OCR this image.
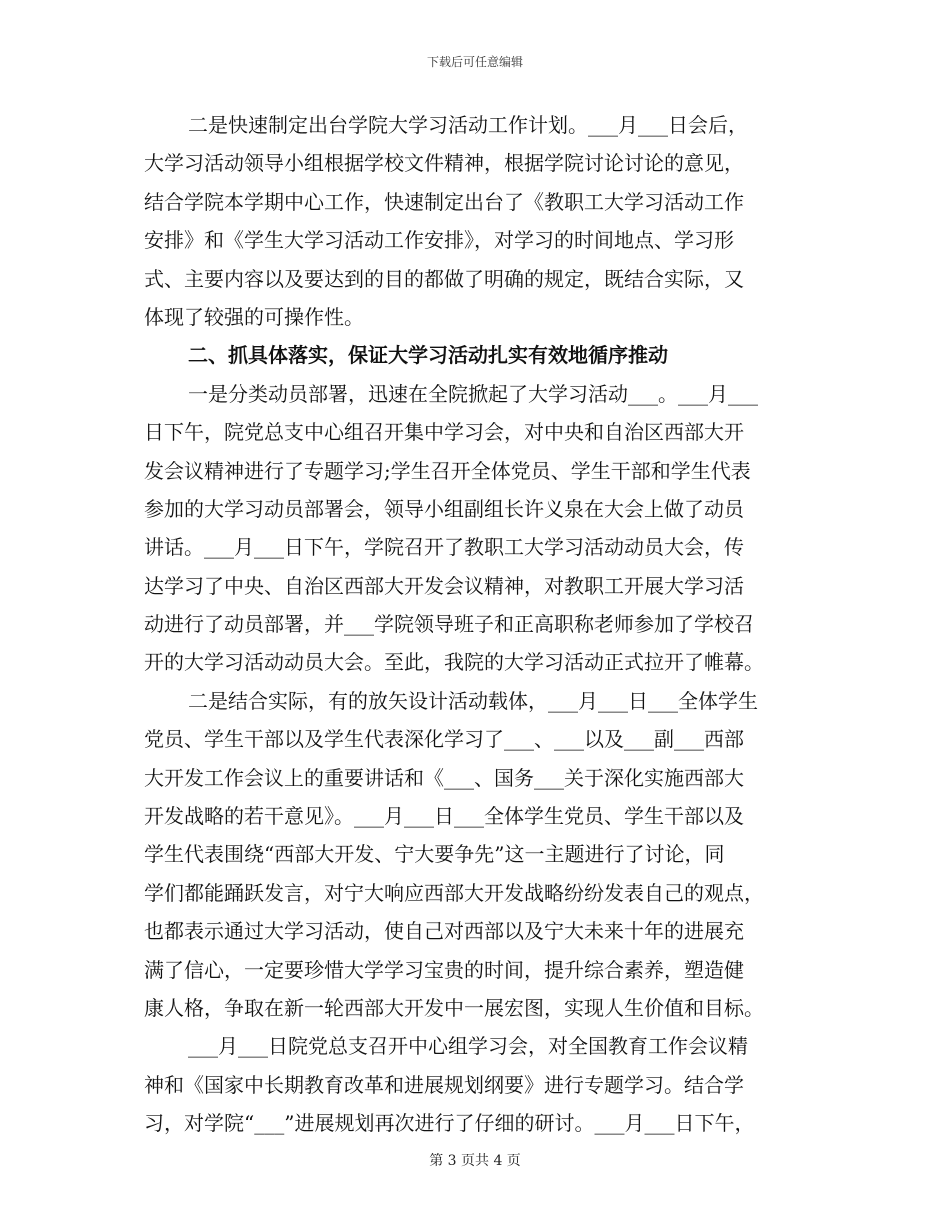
下载后可任意编辑
二是快速制定出台学院大学习活动工作计划。___月___日会后，
大学习活动领导小组根据学校文件精神，根据学院讨论讨论的意见，
结合学院本学期中心工作，快速制定出台了《教职工大学习活动工作
安排》和《学生大学习活动工作安排》，对学习的时间地点、学习形
式、主要内容以及要达到的目的都做了明确的规定，既结合实际，又
体现了较强的可操作性。
二、抓具体落实，保证大学习活动扎实有效地循序推动
一是分类动员部署，迅速在全院掀起了大学习活动___。___月___
日下午，院党总支中心组召开集中学习会，对中央和自治区西部大开
发会议精神进行了专题学习;学生召开全体党员、学生干部和学生代表
参加的大学习动员部署会，领导小组副组长许义泉在大会上做了动员
讲话。___月___日下午，学院召开了教职工大学习活动动员大会，传
达学习了中央、自治区西部大开发会议精神，对教职工开展大学习活
动进行了动员部署，并___学院领导班子和正高职称老师参加了学校召
开的大学习活动动员大会。至此，我院的大学习活动正式拉开了帷幕。
二是结合实际，有的放矢设计活动载体，___月___日___全体学生
党员、学生干部以及学生代表深化学习了___、___以及___副___西部
大开发工作会议上的重要讲话和《___、国务___关于深化实施西部大
开发战略的若干意见》。___月___日___全体学生党员、学生干部以及
学生代表围绕“西部大开发、宁大要争先”这一主题进行了讨论，同
学们都能踊跃发言，对宁大响应西部大开发战略纷纷发表自己的观点，
也都表示通过大学习活动，使自己对西部以及宁大未来十年的进展充
满了信心，一定要珍惜大学学习宝贵的时间，提升综合素养，塑造健
康人格，争取在新一轮西部大开发中一展宏图，实现人生价值和目标。
___月___日院党总支召开中心组学习会，对全国教育工作会议精
神和《国家中长期教育改革和进展规划纲要》进行专题学习。结合学
习，对学院“___”进展规划再次进行了仔细的研讨。___月___日下午，
第 3 页共 4 页
